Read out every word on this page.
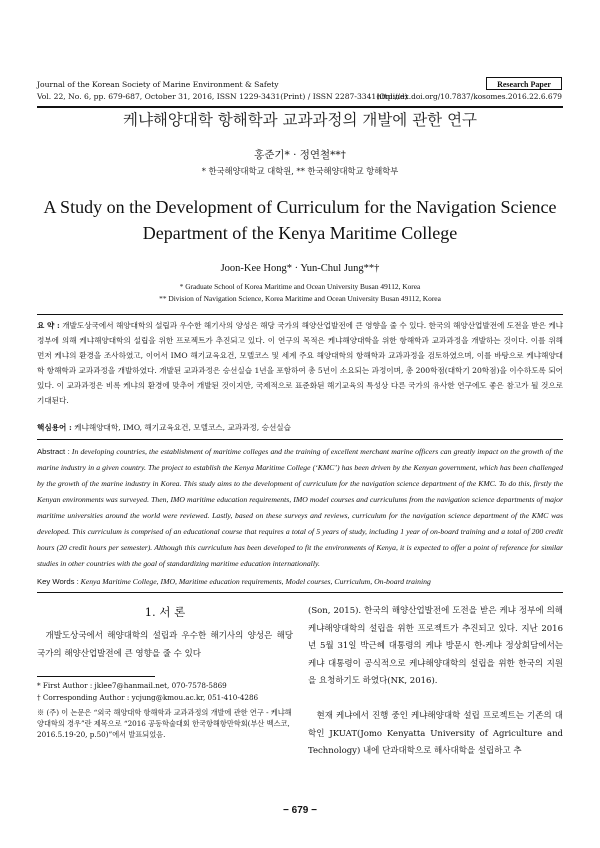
Journal of the Korean Society of Marine Environment & Safety
Vol. 22, No. 6, pp. 679-687, October 31, 2016, ISSN 1229-3431(Print) / ISSN 2287-3341(Online)
Research Paper
http://dx.doi.org/10.7837/kosomes.2016.22.6.679
케냐해양대학 항해학과 교과과정의 개발에 관한 연구
홍준기* · 정연철**†
* 한국해양대학교 대학원, ** 한국해양대학교 항해학부
A Study on the Development of Curriculum for the Navigation Science
Department of the Kenya Maritime College
Joon-Kee Hong* · Yun-Chul Jung**†
* Graduate School of Korea Maritime and Ocean University Busan 49112, Korea
** Division of Navigation Science, Korea Maritime and Ocean University Busan 49112, Korea
요 약 : 개발도상국에서 해양대학의 설립과 우수한 해기사의 양성은 해당 국가의 해양산업발전에 큰 영향을 줄 수 있다. 한국의 해양산업발전에 도전을 받은 케냐 정부에 의해 케냐해양대학의 설립을 위한 프로젝트가 추진되고 있다. 이 연구의 목적은 케냐해양대학을 위한 항해학과 교과과정을 개발하는 것이다. 이를 위해 먼저 케냐의 환경을 조사하였고, 이어서 IMO 해기교육요건, 모델코스 및 세계 주요 해양대학의 항해학과 교과과정을 검토하였으며, 이를 바탕으로 케냐해양대학 항해학과 교과과정을 개발하였다. 개발된 교과과정은 승선실습 1년을 포함하여 총 5년이 소요되는 과정이며, 총 200학점(대학기 20학점)을 이수하도록 되어 있다. 이 교과과정은 비록 케냐의 환경에 맞추어 개발된 것이지만, 국제적으로 표준화된 해기교육의 특성상 다른 국가의 유사한 연구에도 좋은 참고가 될 것으로 기대된다.
핵심용어 : 케냐해양대학, IMO, 해기교육요건, 모델코스, 교과과정, 승선실습
Abstract : In developing countries, the establishment of maritime colleges and the training of excellent merchant marine officers can greatly impact on the growth of the marine industry in a given country. The project to establish the Kenya Maritime College (‘KMC’) has been driven by the Kenyan government, which has been challenged by the growth of the marine industry in Korea. This study aims to the development of curriculum for the navigation science department of the KMC. To do this, firstly the Kenyan environments was surveyed. Then, IMO maritime education requirements, IMO model courses and curriculums from the navigation science departments of major maritime universities around the world were reviewed. Lastly, based on these surveys and reviews, curriculum for the navigation science department of the KMC was developed. This curriculum is comprised of an educational course that requires a total of 5 years of study, including 1 year of on-board training and a total of 200 credit hours (20 credit hours per semester). Although this curriculum has been developed to fit the environments of Kenya, it is expected to offer a point of reference for similar studies in other countries with the goal of standardizing maritime education internationally.
Key Words : Kenya Maritime College, IMO, Maritime education requirements, Model courses, Curriculum, On-board training
1. 서 론
개발도상국에서 해양대학의 설립과 우수한 해기사의 양성은 해당 국가의 해양산업발전에 큰 영향을 줄 수 있다
* First Author : jklee7@hanmail.net, 070-7578-5869
† Corresponding Author : ycjung@kmou.ac.kr, 051-410-4286
※ (주) 이 논문은 “외국 해양대학 항해학과 교과과정의 개발에 관한 연구 - 케냐해양대학의 경우”란 제목으로 “2016 공동학술대회 한국항해항만학회(부산 벡스코, 2016.5.19-20, p.50)”에서 발표되었음.
(Son, 2015). 한국의 해양산업발전에 도전을 받은 케냐 정부에 의해 케냐해양대학의 설립을 위한 프로젝트가 추진되고 있다. 지난 2016년 5월 31일 박근혜 대통령의 케냐 방문시 한-케냐 정상회담에서는 케냐 대통령이 공식적으로 케냐해양대학의 설립을 위한 한국의 지원을 요청하기도 하였다(NK, 2016).
현재 케냐에서 진행 중인 케냐해양대학 설립 프로젝트는 기존의 대학인 JKUAT(Jomo Kenyatta University of Agriculture and Technology) 내에 단과대학으로 해사대학을 설립하고 추
− 679 −
